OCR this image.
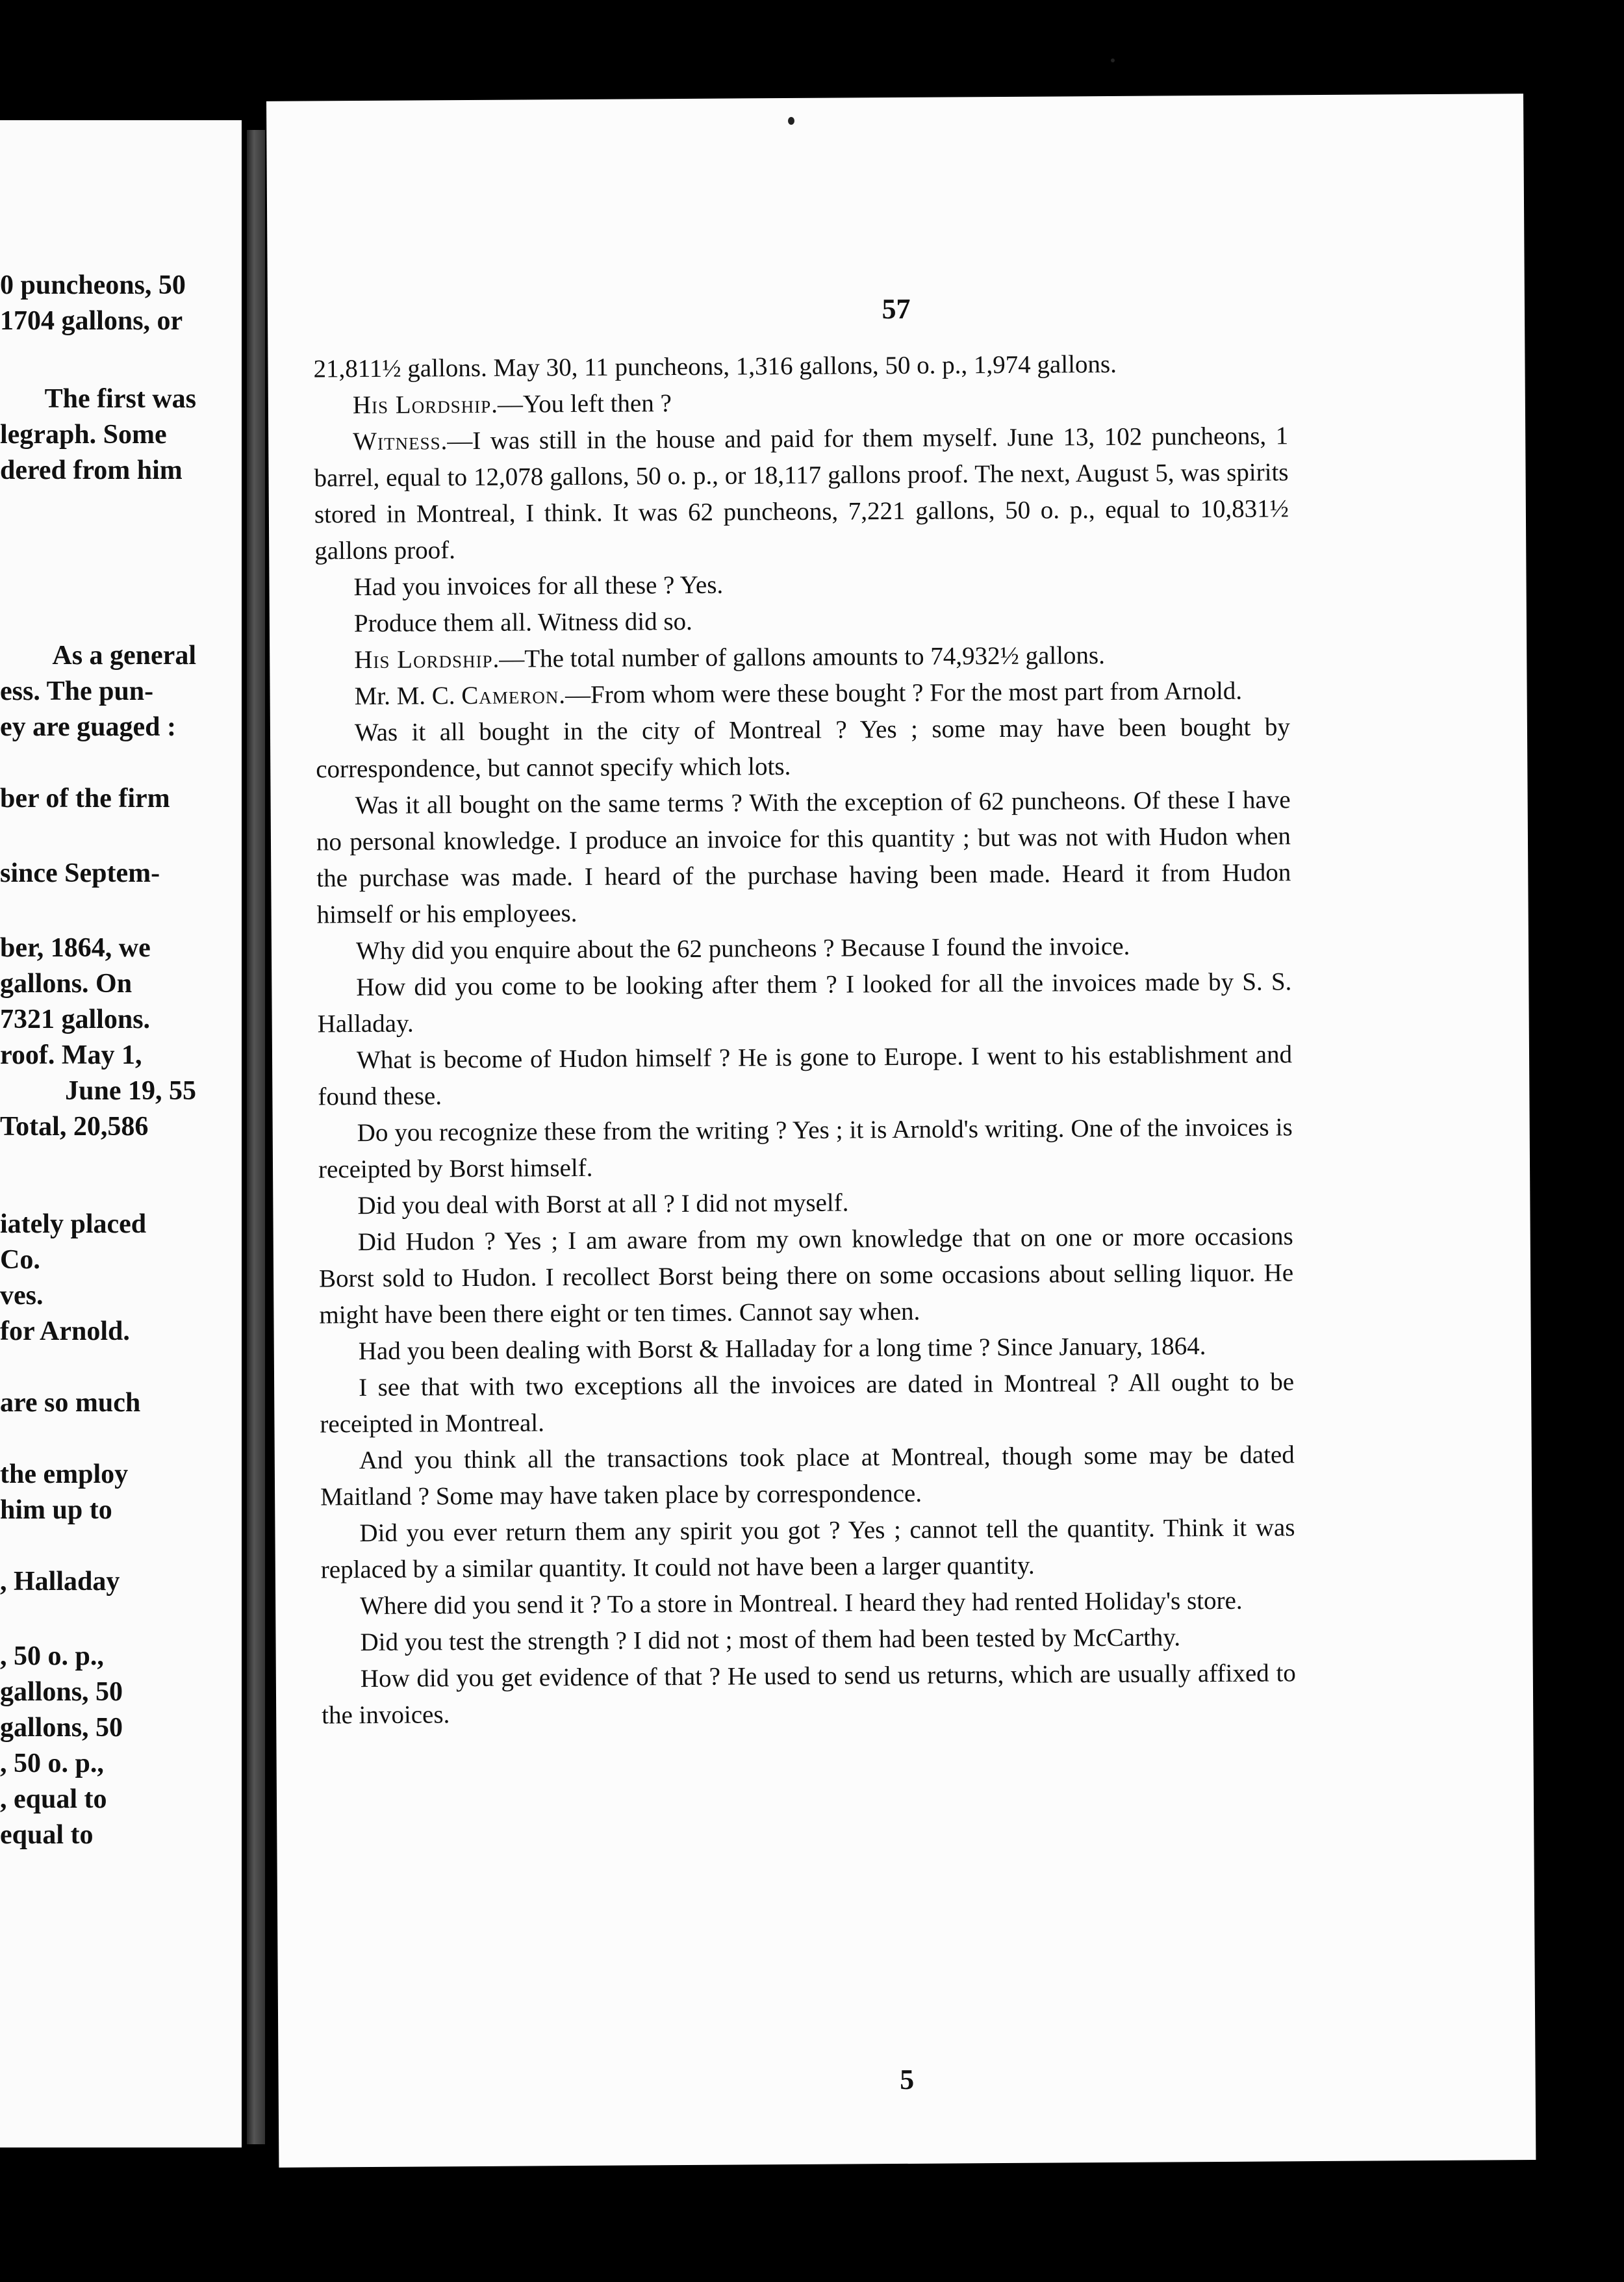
0 puncheons, 50
1704 gallons, or
The first was
legraph. Some
dered from him
As a general
ess. The pun-
ey are guaged :
ber of the firm
since Septem-
ber, 1864, we
gallons. On
7321 gallons.
roof. May 1,
June 19, 55
Total, 20,586
iately placed
Co.
ves.
for Arnold.
are so much
the employ
him up to
, Halladay
, 50 o. p.,
gallons, 50
gallons, 50
, 50 o. p.,
, equal to
equal to
57

21,811½ gallons. May 30, 11 puncheons, 1,316 gallons, 50 o. p., 1,974 gallons.

His Lordship.—You left then ?

Witness.—I was still in the house and paid for them myself. June 13, 102 puncheons, 1 barrel, equal to 12,078 gallons, 50 o. p., or 18,117 gallons proof. The next, August 5, was spirits stored in Montreal, I think. It was 62 puncheons, 7,221 gallons, 50 o. p., equal to 10,831½ gallons proof.

Had you invoices for all these ? Yes.

Produce them all. Witness did so.

His Lordship.—The total number of gallons amounts to 74,932½ gallons.

Mr. M. C. Cameron.—From whom were these bought ? For the most part from Arnold.

Was it all bought in the city of Montreal ? Yes ; some may have been bought by correspondence, but cannot specify which lots.

Was it all bought on the same terms ? With the exception of 62 puncheons. Of these I have no personal knowledge. I produce an invoice for this quantity ; but was not with Hudon when the purchase was made. I heard of the purchase having been made. Heard it from Hudon himself or his employees.

Why did you enquire about the 62 puncheons ? Because I found the invoice.

How did you come to be looking after them ? I looked for all the invoices made by S. S. Halladay.

What is become of Hudon himself ? He is gone to Europe. I went to his establishment and found these.

Do you recognize these from the writing ? Yes ; it is Arnold's writing. One of the invoices is receipted by Borst himself.

Did you deal with Borst at all ? I did not myself.

Did Hudon ? Yes ; I am aware from my own knowledge that on one or more occasions Borst sold to Hudon. I recollect Borst being there on some occasions about selling liquor. He might have been there eight or ten times. Cannot say when.

Had you been dealing with Borst & Halladay for a long time ? Since January, 1864.

I see that with two exceptions all the invoices are dated in Montreal ? All ought to be receipted in Montreal.

And you think all the transactions took place at Montreal, though some may be dated Maitland ? Some may have taken place by correspondence.

Did you ever return them any spirit you got ? Yes ; cannot tell the quantity. Think it was replaced by a similar quantity. It could not have been a larger quantity.

Where did you send it ? To a store in Montreal. I heard they had rented Holiday's store.

Did you test the strength ? I did not ; most of them had been tested by McCarthy.

How did you get evidence of that ? He used to send us returns, which are usually affixed to the invoices.

5
